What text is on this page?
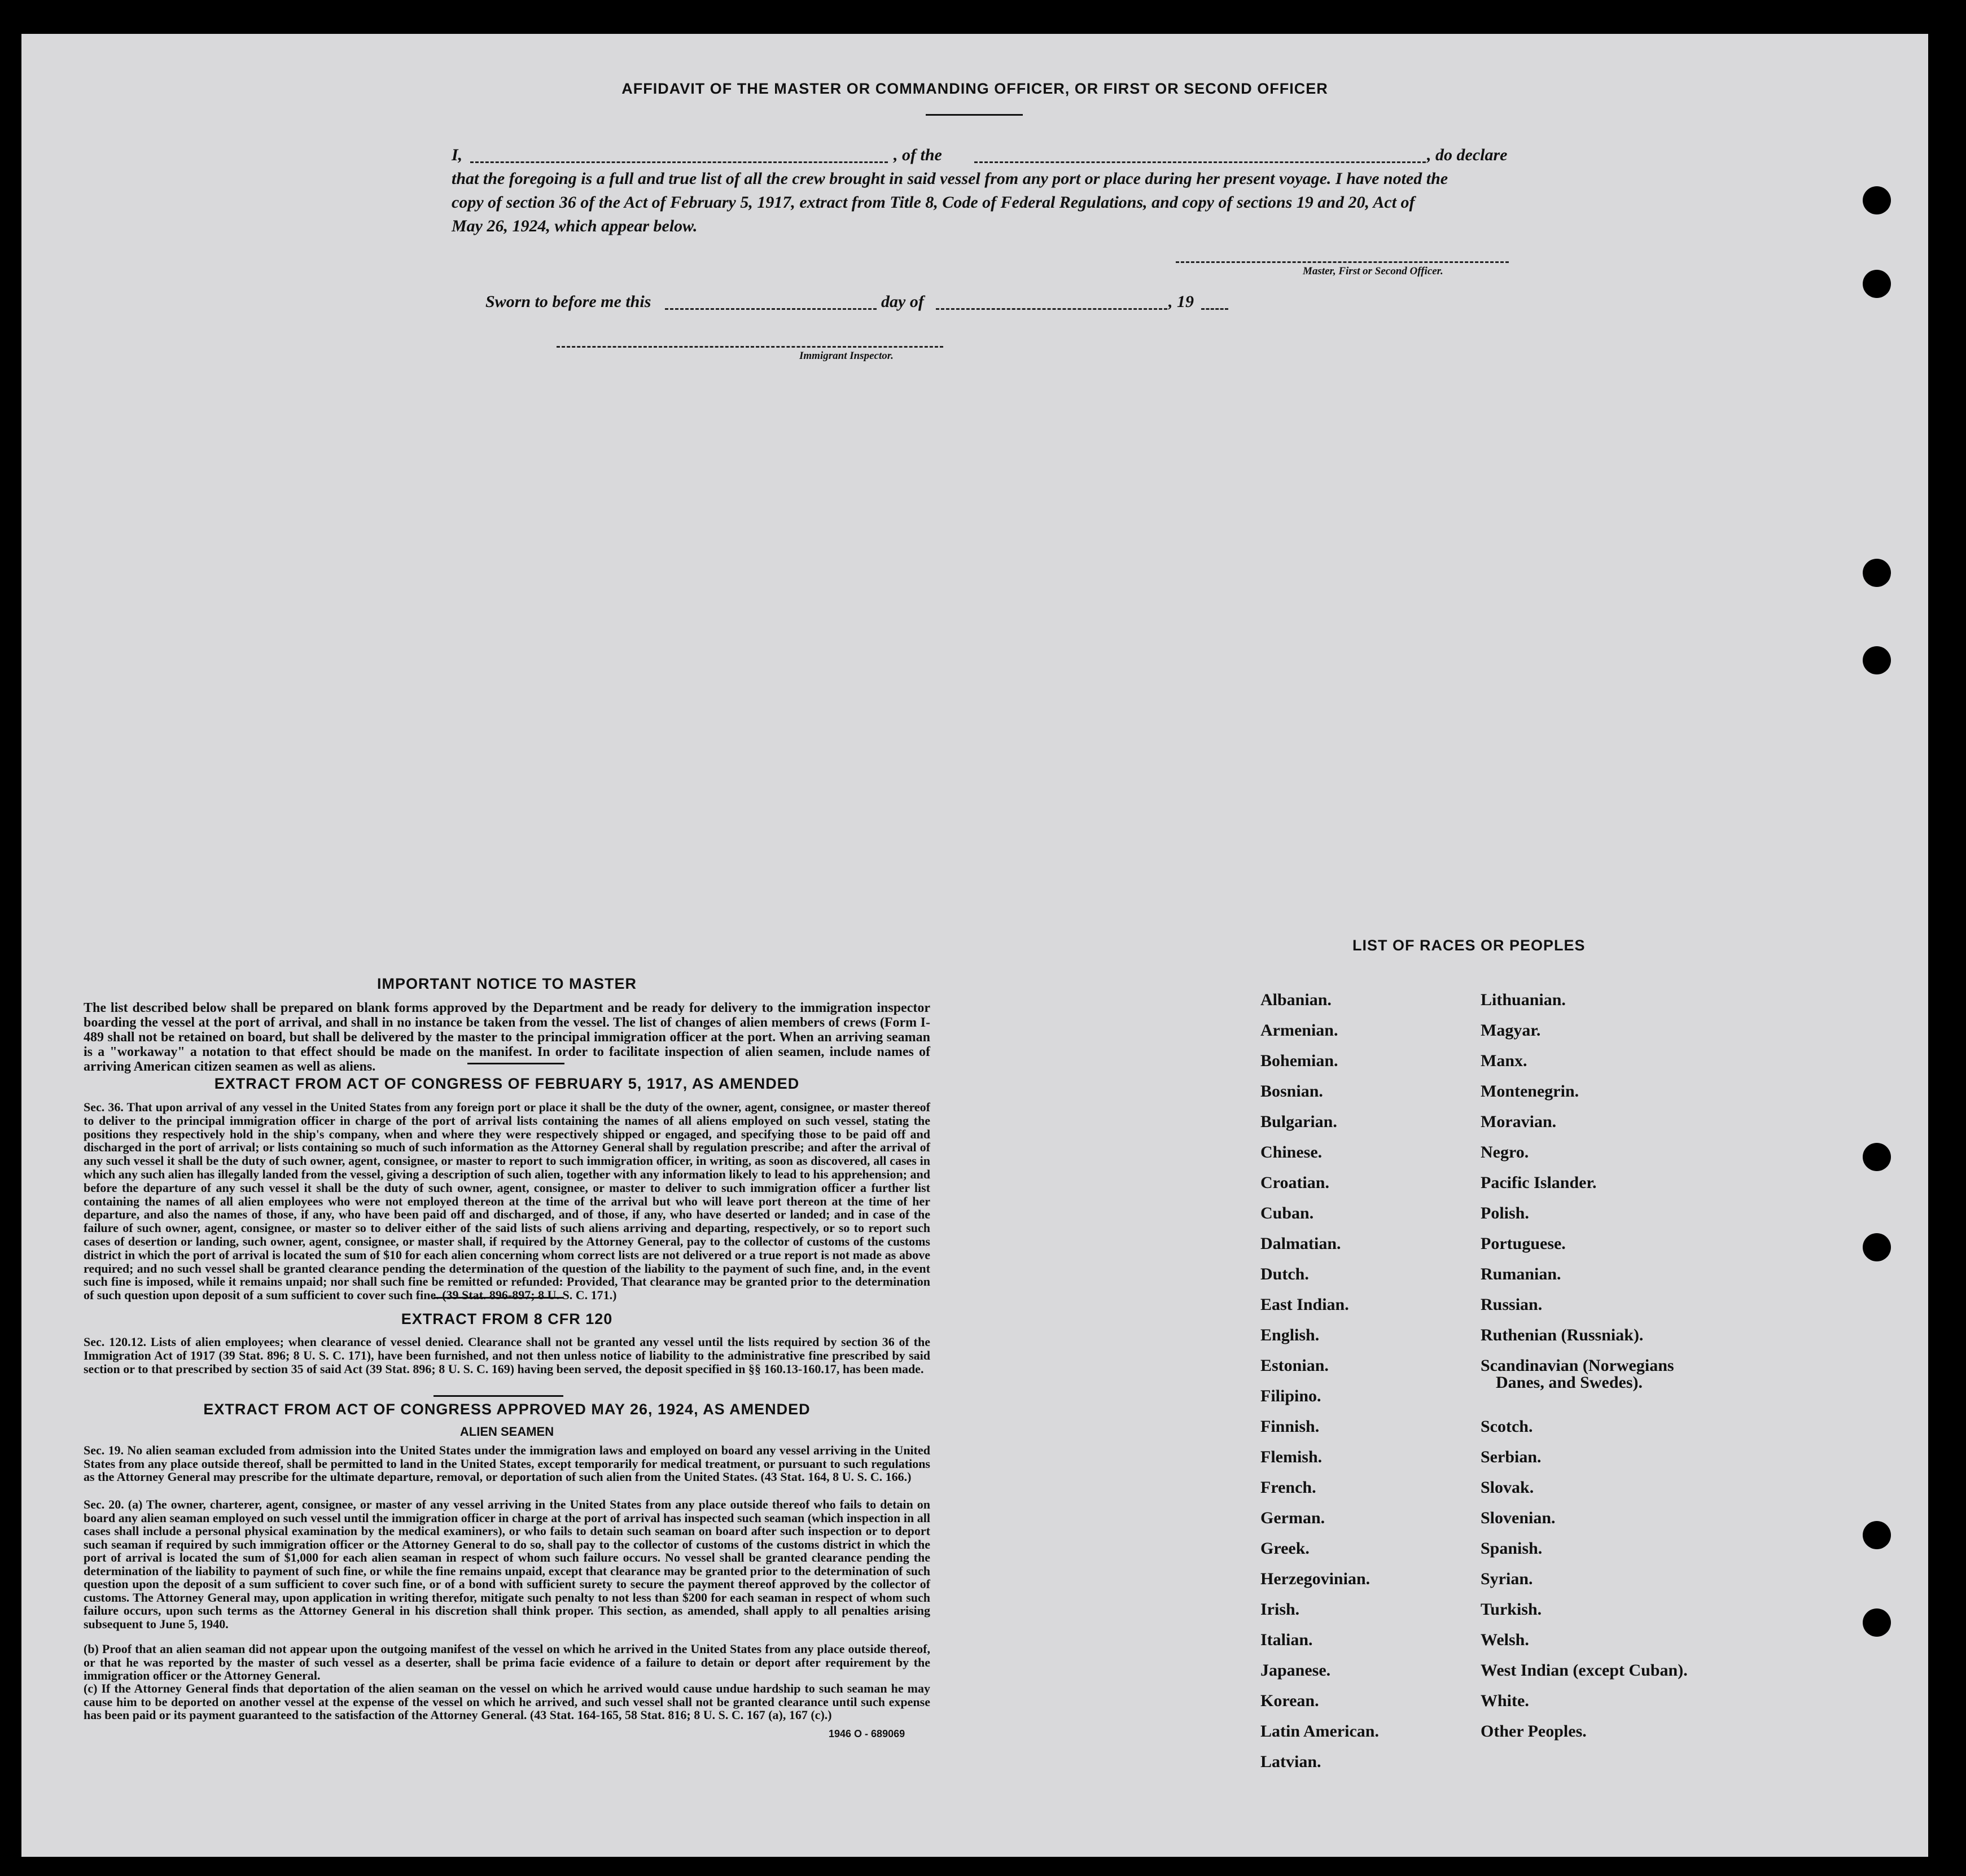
AFFIDAVIT OF THE MASTER OR COMMANDING OFFICER, OR FIRST OR SECOND OFFICER
I,	, of the	, do declare
that the foregoing is a full and true list of all the crew brought in said vessel from any port or place during her present voyage. I have noted the
copy of section 36 of the Act of February 5, 1917, extract from Title 8, Code of Federal Regulations, and copy of sections 19 and 20, Act of
May 26, 1924, which appear below.
Master, First or Second Officer.
Sworn to before me this	day of	, 19
Immigrant Inspector.
IMPORTANT NOTICE TO MASTER
The list described below shall be prepared on blank forms approved by the Department and be ready for delivery to the immigration inspector boarding the vessel at the port of arrival, and shall in no instance be taken from the vessel. The list of changes of alien members of crews (Form I-489 shall not be retained on board, but shall be delivered by the master to the principal immigration officer at the port. When an arriving seaman is a "workaway" a notation to that effect should be made on the manifest. In order to facilitate inspection of alien seamen, include names of arriving American citizen seamen as well as aliens.
EXTRACT FROM ACT OF CONGRESS OF FEBRUARY 5, 1917, AS AMENDED
Sec. 36. That upon arrival of any vessel in the United States from any foreign port or place it shall be the duty of the owner, agent, consignee, or master thereof to deliver to the principal immigration officer in charge of the port of arrival lists containing the names of all aliens employed on such vessel, stating the positions they respectively hold in the ship's company, when and where they were respectively shipped or engaged, and specifying those to be paid off and discharged in the port of arrival; or lists containing so much of such information as the Attorney General shall by regulation prescribe; and after the arrival of any such vessel it shall be the duty of such owner, agent, consignee, or master to report to such immigration officer, in writing, as soon as discovered, all cases in which any such alien has illegally landed from the vessel, giving a description of such alien, together with any information likely to lead to his apprehension; and before the departure of any such vessel it shall be the duty of such owner, agent, consignee, or master to deliver to such immigration officer a further list containing the names of all alien employees who were not employed thereon at the time of the arrival but who will leave port thereon at the time of her departure, and also the names of those, if any, who have been paid off and discharged, and of those, if any, who have deserted or landed; and in case of the failure of such owner, agent, consignee, or master so to deliver either of the said lists of such aliens arriving and departing, respectively, or so to report such cases of desertion or landing, such owner, agent, consignee, or master shall, if required by the Attorney General, pay to the collector of customs of the customs district in which the port of arrival is located the sum of $10 for each alien concerning whom correct lists are not delivered or a true report is not made as above required; and no such vessel shall be granted clearance pending the determination of the question of the liability to the payment of such fine, and, in the event such fine is imposed, while it remains unpaid; nor shall such fine be remitted or refunded: Provided, That clearance may be granted prior to the determination of such question upon deposit of a sum sufficient to cover such fine. (39 Stat. 896-897; 8 U. S. C. 171.)
EXTRACT FROM 8 CFR 120
Sec. 120.12. Lists of alien employees; when clearance of vessel denied. Clearance shall not be granted any vessel until the lists required by section 36 of the Immigration Act of 1917 (39 Stat. 896; 8 U. S. C. 171), have been furnished, and not then unless notice of liability to the administrative fine prescribed by said section or to that prescribed by section 35 of said Act (39 Stat. 896; 8 U. S. C. 169) having been served, the deposit specified in §§ 160.13-160.17, has been made.
EXTRACT FROM ACT OF CONGRESS APPROVED MAY 26, 1924, AS AMENDED
ALIEN SEAMEN
Sec. 19. No alien seaman excluded from admission into the United States under the immigration laws and employed on board any vessel arriving in the United States from any place outside thereof, shall be permitted to land in the United States, except temporarily for medical treatment, or pursuant to such regulations as the Attorney General may prescribe for the ultimate departure, removal, or deportation of such alien from the United States. (43 Stat. 164, 8 U. S. C. 166.)
Sec. 20. (a) The owner, charterer, agent, consignee, or master of any vessel arriving in the United States from any place outside thereof who fails to detain on board any alien seaman employed on such vessel until the immigration officer in charge at the port of arrival has inspected such seaman (which inspection in all cases shall include a personal physical examination by the medical examiners), or who fails to detain such seaman on board after such inspection or to deport such seaman if required by such immigration officer or the Attorney General to do so, shall pay to the collector of customs of the customs district in which the port of arrival is located the sum of $1,000 for each alien seaman in respect of whom such failure occurs. No vessel shall be granted clearance pending the determination of the liability to payment of such fine, or while the fine remains unpaid, except that clearance may be granted prior to the determination of such question upon the deposit of a sum sufficient to cover such fine, or of a bond with sufficient surety to secure the payment thereof approved by the collector of customs. The Attorney General may, upon application in writing therefor, mitigate such penalty to not less than $200 for each seaman in respect of whom such failure occurs, upon such terms as the Attorney General in his discretion shall think proper. This section, as amended, shall apply to all penalties arising subsequent to June 5, 1940.
(b) Proof that an alien seaman did not appear upon the outgoing manifest of the vessel on which he arrived in the United States from any place outside thereof, or that he was reported by the master of such vessel as a deserter, shall be prima facie evidence of a failure to detain or deport after requirement by the immigration officer or the Attorney General.
(c) If the Attorney General finds that deportation of the alien seaman on the vessel on which he arrived would cause undue hardship to such seaman he may cause him to be deported on another vessel at the expense of the vessel on which he arrived, and such vessel shall not be granted clearance until such expense has been paid or its payment guaranteed to the satisfaction of the Attorney General. (43 Stat. 164-165, 58 Stat. 816; 8 U. S. C. 167 (a), 167 (c).)
1946 O - 689069
LIST OF RACES OR PEOPLES
Albanian.
Armenian.
Bohemian.
Bosnian.
Bulgarian.
Chinese.
Croatian.
Cuban.
Dalmatian.
Dutch.
East Indian.
English.
Estonian.
Filipino.
Finnish.
Flemish.
French.
German.
Greek.
Herzegovinian.
Irish.
Italian.
Japanese.
Korean.
Latin American.
Latvian.
Lithuanian.
Magyar.
Manx.
Montenegrin.
Moravian.
Negro.
Pacific Islander.
Polish.
Portuguese.
Rumanian.
Russian.
Ruthenian (Russniak).
Scandinavian (Norwegians
Danes, and Swedes).
Scotch.
Serbian.
Slovak.
Slovenian.
Spanish.
Syrian.
Turkish.
Welsh.
West Indian (except Cuban).
White.
Other Peoples.
